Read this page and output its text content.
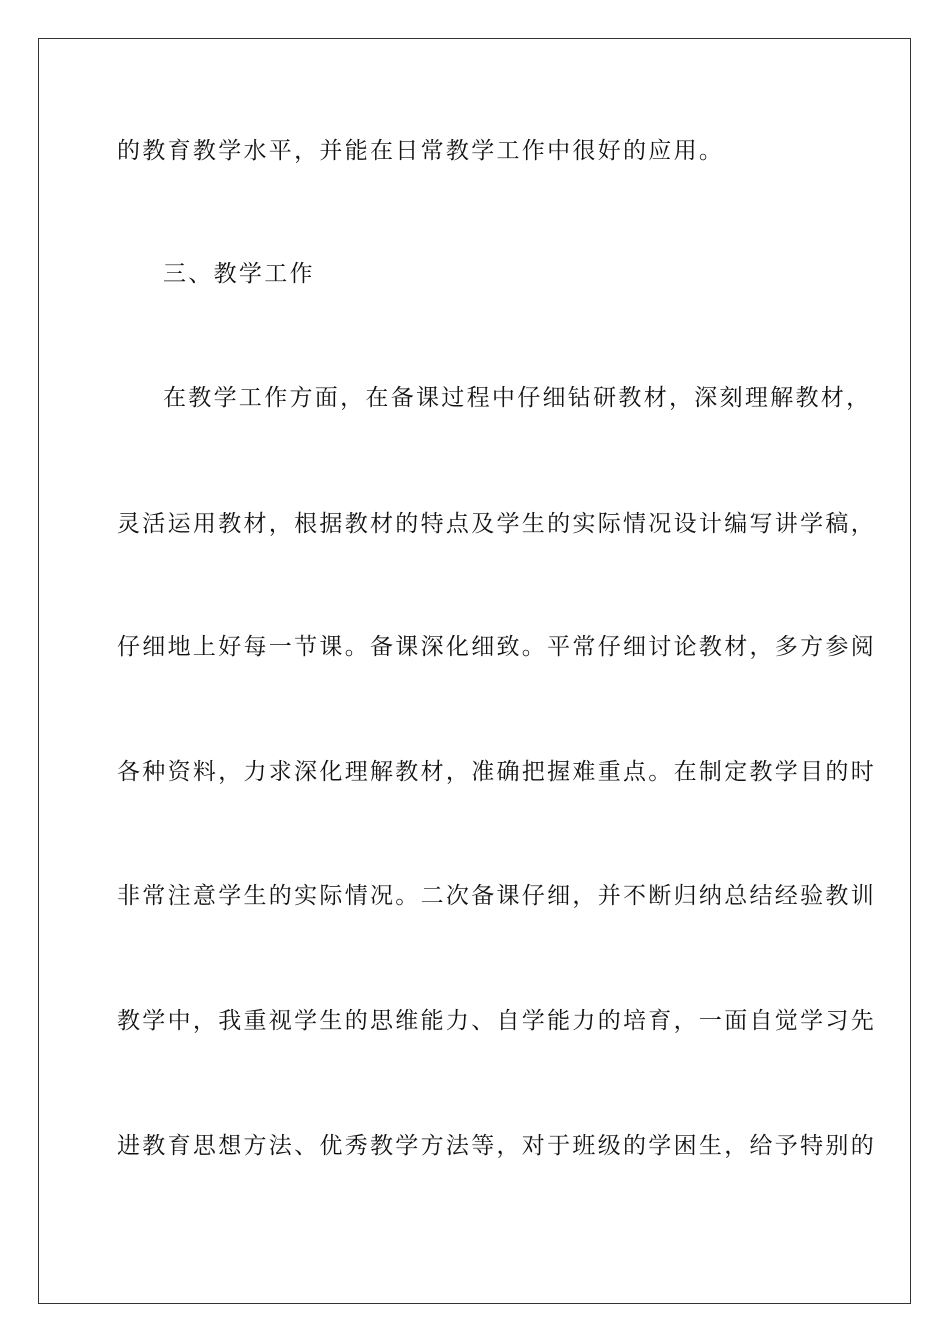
的教育教学水平，并能在日常教学工作中很好的应用。
三、教学工作
在教学工作方面，在备课过程中仔细钻研教材，深刻理解教材，
灵活运用教材，根据教材的特点及学生的实际情况设计编写讲学稿，
仔细地上好每一节课。备课深化细致。平常仔细讨论教材，多方参阅
各种资料，力求深化理解教材，准确把握难重点。在制定教学目的时
非常注意学生的实际情况。二次备课仔细，并不断归纳总结经验教训
教学中，我重视学生的思维能力、自学能力的培育，一面自觉学习先
进教育思想方法、优秀教学方法等，对于班级的学困生，给予特别的
